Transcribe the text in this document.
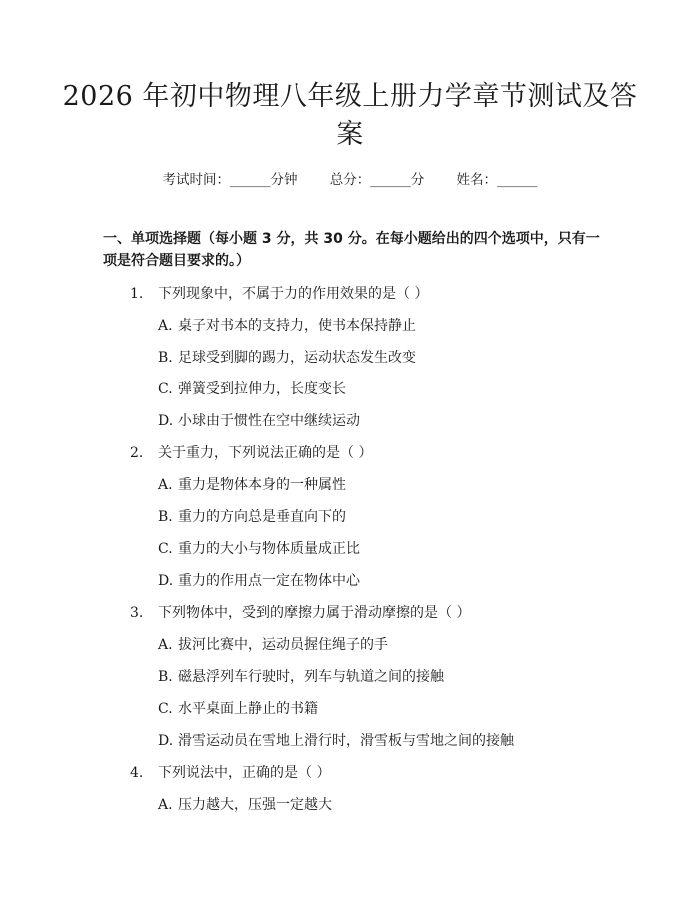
2026 年初中物理八年级上册力学章节测试及答案
考试时间：______分钟 总分：______分 姓名：______
一、单项选择题（每小题 3 分，共 30 分。在每小题给出的四个选项中，只有一项是符合题目要求的。）
1. 下列现象中，不属于力的作用效果的是（ ）
A. 桌子对书本的支持力，使书本保持静止
B. 足球受到脚的踢力，运动状态发生改变
C. 弹簧受到拉伸力，长度变长
D. 小球由于惯性在空中继续运动
2. 关于重力，下列说法正确的是（ ）
A. 重力是物体本身的一种属性
B. 重力的方向总是垂直向下的
C. 重力的大小与物体质量成正比
D. 重力的作用点一定在物体中心
3. 下列物体中，受到的摩擦力属于滑动摩擦的是（ ）
A. 拔河比赛中，运动员握住绳子的手
B. 磁悬浮列车行驶时，列车与轨道之间的接触
C. 水平桌面上静止的书籍
D. 滑雪运动员在雪地上滑行时，滑雪板与雪地之间的接触
4. 下列说法中，正确的是（ ）
A. 压力越大，压强一定越大
